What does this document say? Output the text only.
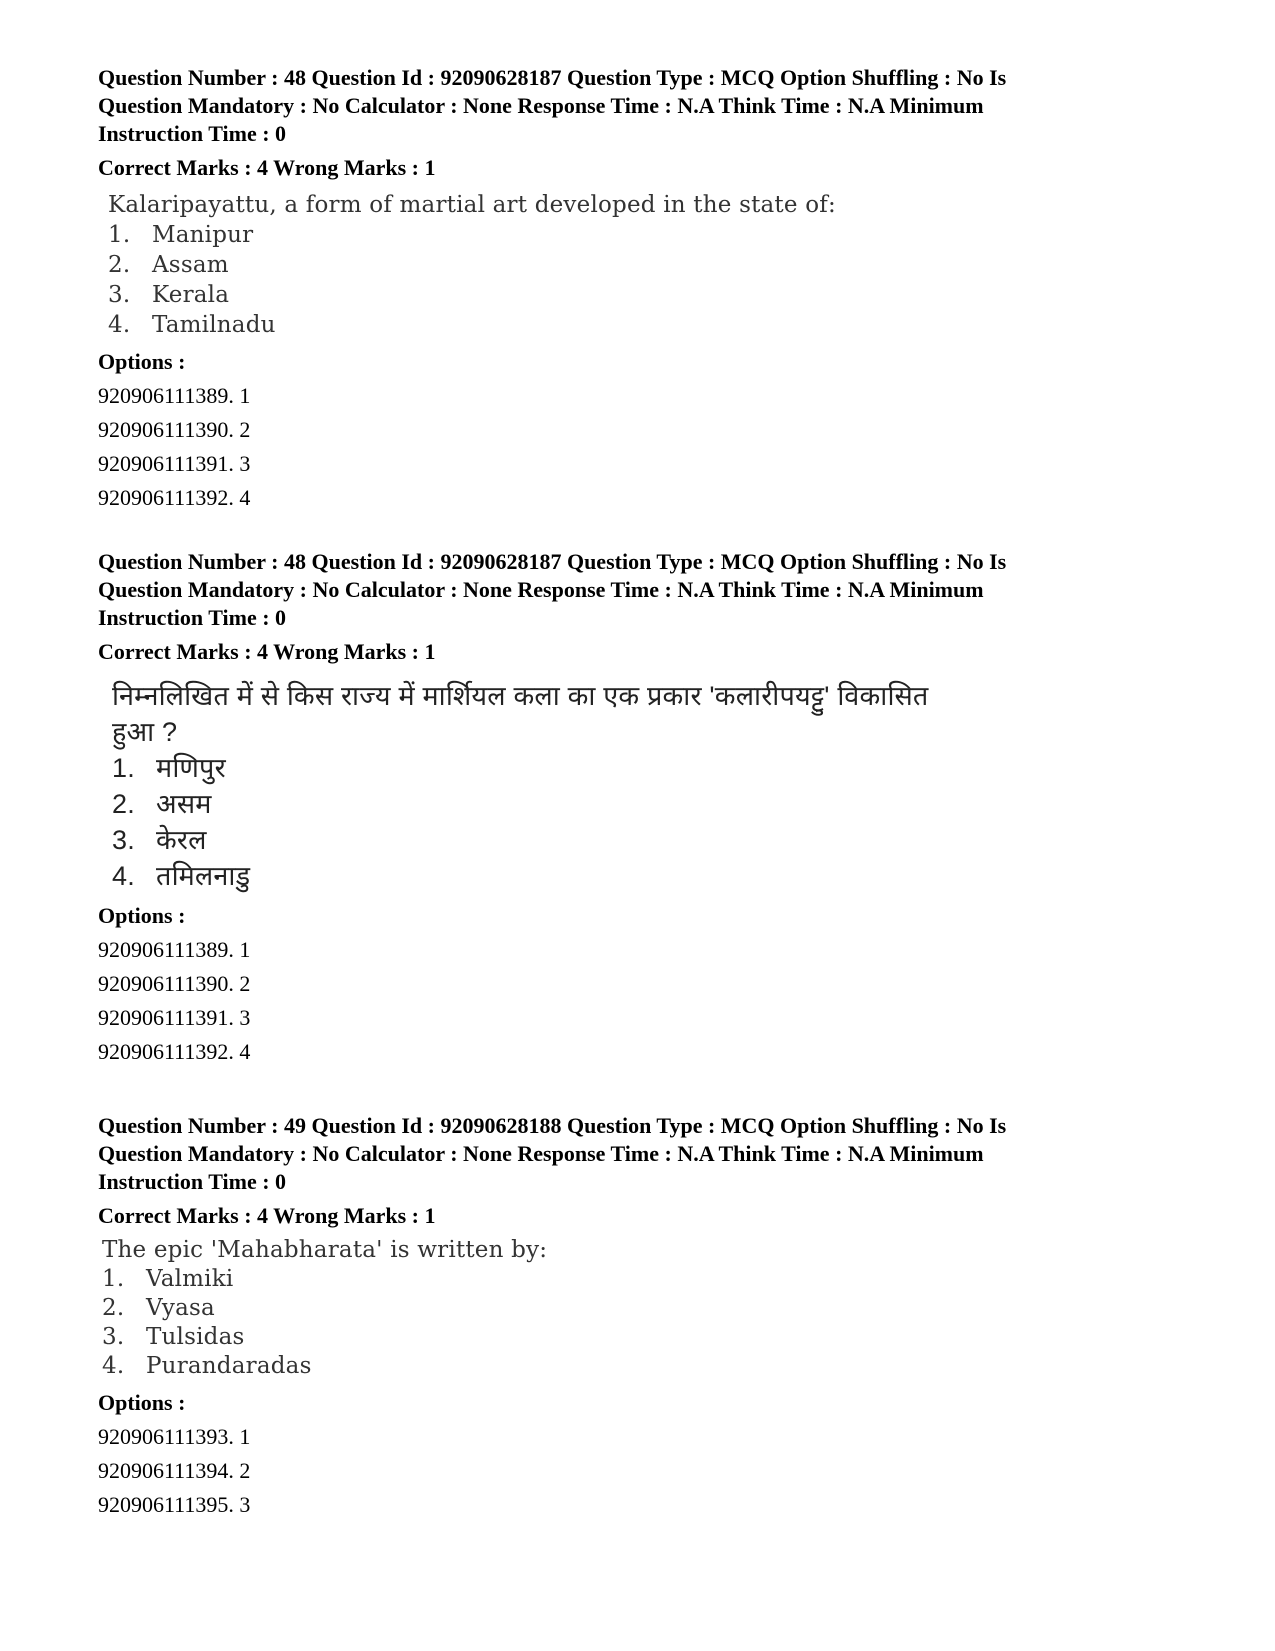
Question Number : 48 Question Id : 92090628187 Question Type : MCQ Option Shuffling : No Is
Question Mandatory : No Calculator : None Response Time : N.A Think Time : N.A Minimum
Instruction Time : 0
Correct Marks : 4 Wrong Marks : 1
Kalaripayattu, a form of martial art developed in the state of:
1. Manipur
2. Assam
3. Kerala
4. Tamilnadu
Options :
920906111389. 1
920906111390. 2
920906111391. 3
920906111392. 4
Question Number : 48 Question Id : 92090628187 Question Type : MCQ Option Shuffling : No Is
Question Mandatory : No Calculator : None Response Time : N.A Think Time : N.A Minimum
Instruction Time : 0
Correct Marks : 4 Wrong Marks : 1
निम्नलिखित में से किस राज्य में मार्शियल कला का एक प्रकार 'कलारीपयट्टु' विकासित
हुआ ?
1. मणिपुर
2. असम
3. केरल
4. तमिलनाडु
Options :
920906111389. 1
920906111390. 2
920906111391. 3
920906111392. 4
Question Number : 49 Question Id : 92090628188 Question Type : MCQ Option Shuffling : No Is
Question Mandatory : No Calculator : None Response Time : N.A Think Time : N.A Minimum
Instruction Time : 0
Correct Marks : 4 Wrong Marks : 1
The epic 'Mahabharata' is written by:
1. Valmiki
2. Vyasa
3. Tulsidas
4. Purandaradas
Options :
920906111393. 1
920906111394. 2
920906111395. 3
